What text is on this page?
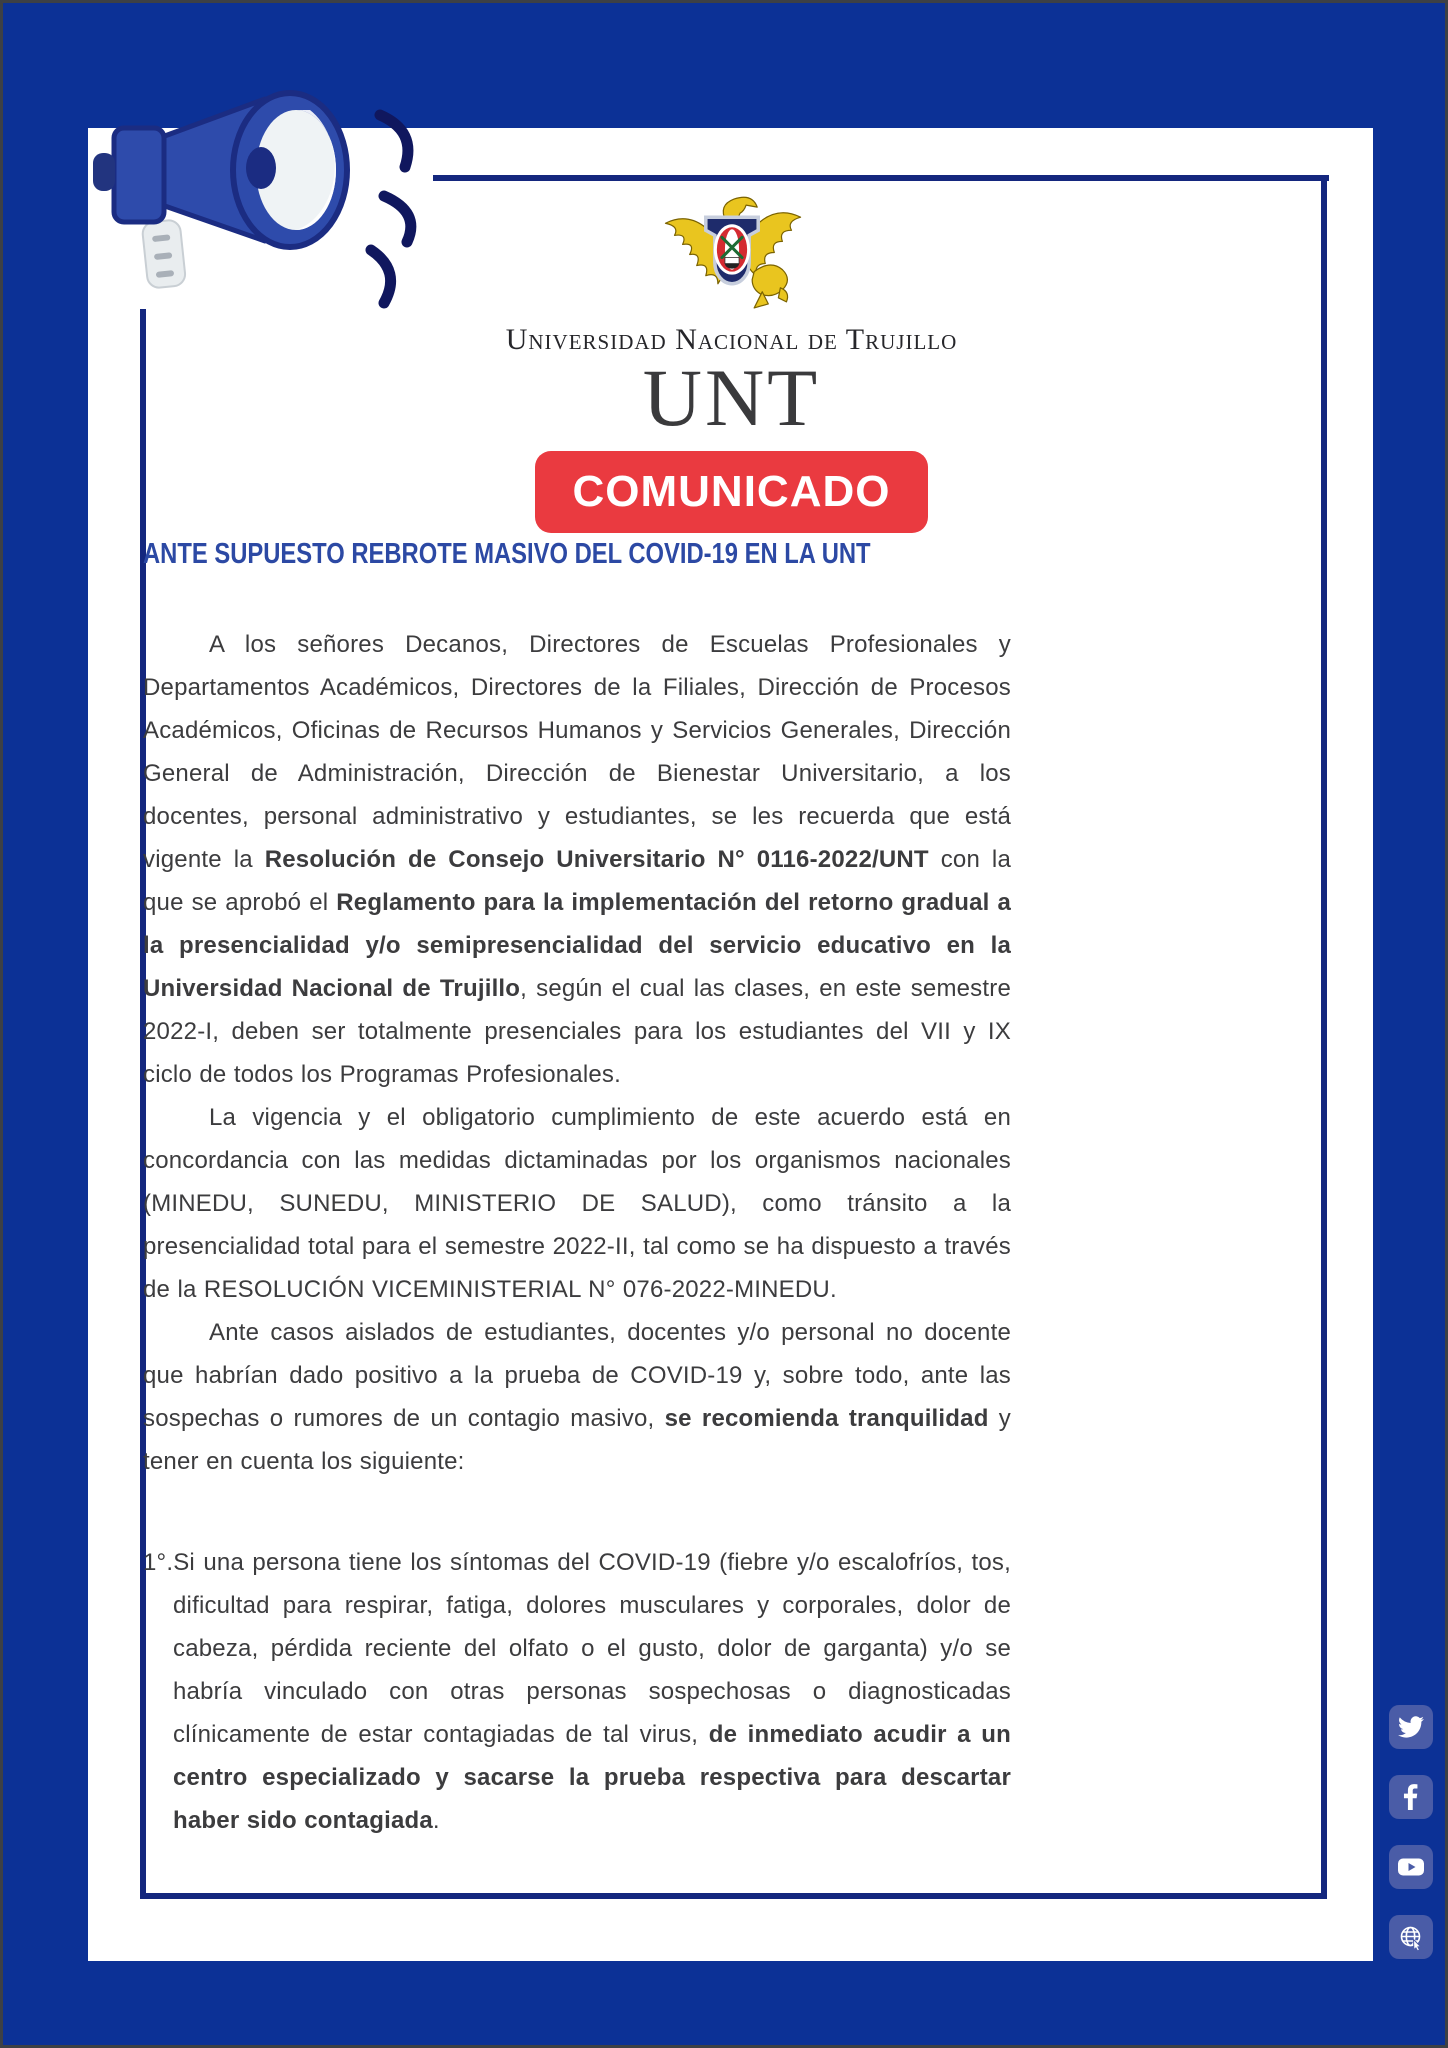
Universidad Nacional de Trujillo
UNT
COMUNICADO
ANTE SUPUESTO REBROTE MASIVO DEL COVID-19 EN LA UNT

A los señores Decanos, Directores de Escuelas Profesionales y Departamentos Académicos, Directores de la Filiales, Dirección de Procesos Académicos, Oficinas de Recursos Humanos y Servicios Generales, Dirección General de Administración, Dirección de Bienestar Universitario, a los docentes, personal administrativo y estudiantes, se les recuerda que está vigente la Resolución de Consejo Universitario N° 0116-2022/UNT con la que se aprobó el Reglamento para la implementación del retorno gradual a la presencialidad y/o semipresencialidad del servicio educativo en la Universidad Nacional de Trujillo, según el cual las clases, en este semestre 2022-I, deben ser totalmente presenciales para los estudiantes del VII y IX ciclo de todos los Programas Profesionales.

La vigencia y el obligatorio cumplimiento de este acuerdo está en concordancia con las medidas dictaminadas por los organismos nacionales (MINEDU, SUNEDU, MINISTERIO DE SALUD), como tránsito a la presencialidad total para el semestre 2022-II, tal como se ha dispuesto a través de la RESOLUCIÓN VICEMINISTERIAL N° 076-2022-MINEDU.

Ante casos aislados de estudiantes, docentes y/o personal no docente que habrían dado positivo a la prueba de COVID-19 y, sobre todo, ante las sospechas o rumores de un contagio masivo, se recomienda tranquilidad y tener en cuenta los siguiente:

1°.Si una persona tiene los síntomas del COVID-19 (fiebre y/o escalofríos, tos, dificultad para respirar, fatiga, dolores musculares y corporales, dolor de cabeza, pérdida reciente del olfato o el gusto, dolor de garganta) y/o se habría vinculado con otras personas sospechosas o diagnosticadas clínicamente de estar contagiadas de tal virus, de inmediato acudir a un centro especializado y sacarse la prueba respectiva para descartar haber sido contagiada.
